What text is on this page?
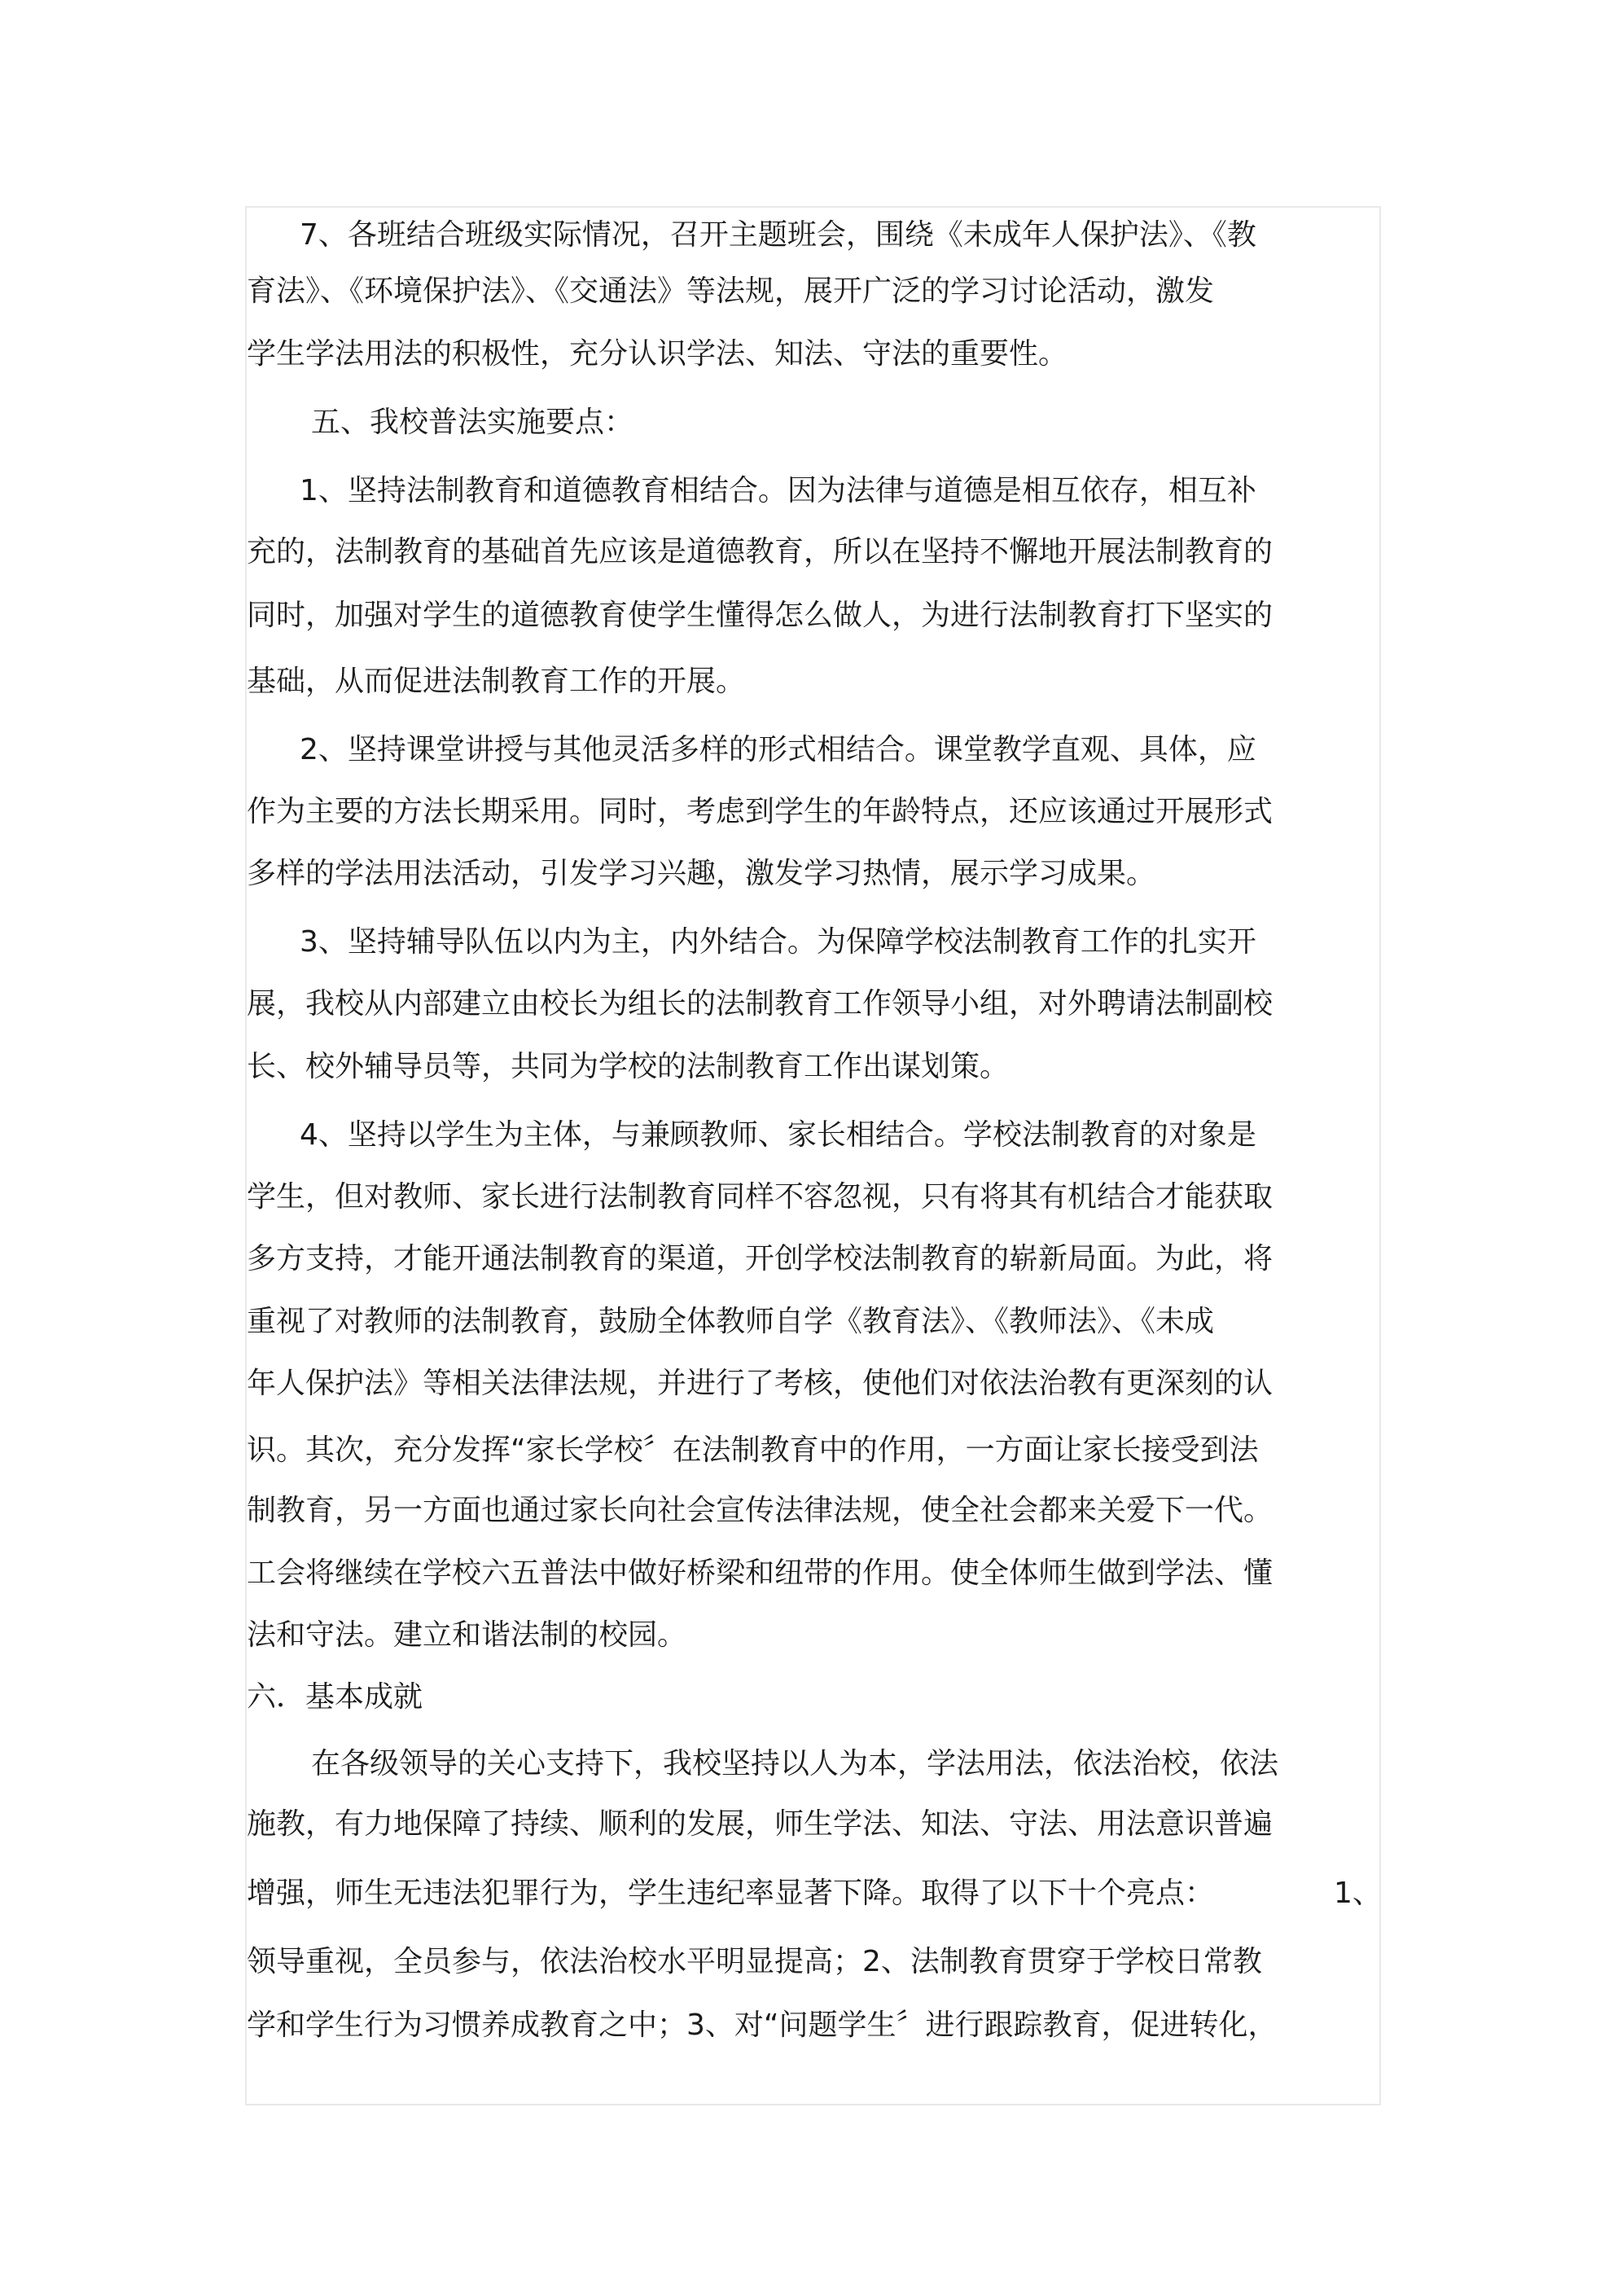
7、各班结合班级实际情况，召开主题班会，围绕《未成年人保护法》、《教

育法》、《环境保护法》、《交通法》等法规，展开广泛的学习讨论活动，激发

学生学法用法的积极性，充分认识学法、知法、守法的重要性。

五、我校普法实施要点：

1、坚持法制教育和道德教育相结合。因为法律与道德是相互依存，相互补

充的，法制教育的基础首先应该是道德教育，所以在坚持不懈地开展法制教育的

同时，加强对学生的道德教育使学生懂得怎么做人，为进行法制教育打下坚实的

基础，从而促进法制教育工作的开展。

2、坚持课堂讲授与其他灵活多样的形式相结合。课堂教学直观、具体，应

作为主要的方法长期采用。同时，考虑到学生的年龄特点，还应该通过开展形式

多样的学法用法活动，引发学习兴趣，激发学习热情，展示学习成果。

3、坚持辅导队伍以内为主，内外结合。为保障学校法制教育工作的扎实开

展，我校从内部建立由校长为组长的法制教育工作领导小组，对外聘请法制副校

长、校外辅导员等，共同为学校的法制教育工作出谋划策。

4、坚持以学生为主体，与兼顾教师、家长相结合。学校法制教育的对象是

学生，但对教师、家长进行法制教育同样不容忽视，只有将其有机结合才能获取

多方支持，才能开通法制教育的渠道，开创学校法制教育的崭新局面。为此，将

重视了对教师的法制教育，鼓励全体教师自学《教育法》、《教师法》、《未成

年人保护法》等相关法律法规，并进行了考核，使他们对依法治教有更深刻的认

识。其次，充分发挥“家长学校〞在法制教育中的作用，一方面让家长接受到法

制教育，另一方面也通过家长向社会宣传法律法规，使全社会都来关爱下一代。

工会将继续在学校六五普法中做好桥梁和纽带的作用。使全体师生做到学法、懂

法和守法。建立和谐法制的校园。

六．基本成就

在各级领导的关心支持下，我校坚持以人为本，学法用法，依法治校，依法

施教，有力地保障了持续、顺利的发展，师生学法、知法、守法、用法意识普遍

增强，师生无违法犯罪行为，学生违纪率显著下降。取得了以下十个亮点：	1、

领导重视，全员参与，依法治校水平明显提高；2、法制教育贯穿于学校日常教

学和学生行为习惯养成教育之中；3、对“问题学生〞进行跟踪教育，促进转化，
